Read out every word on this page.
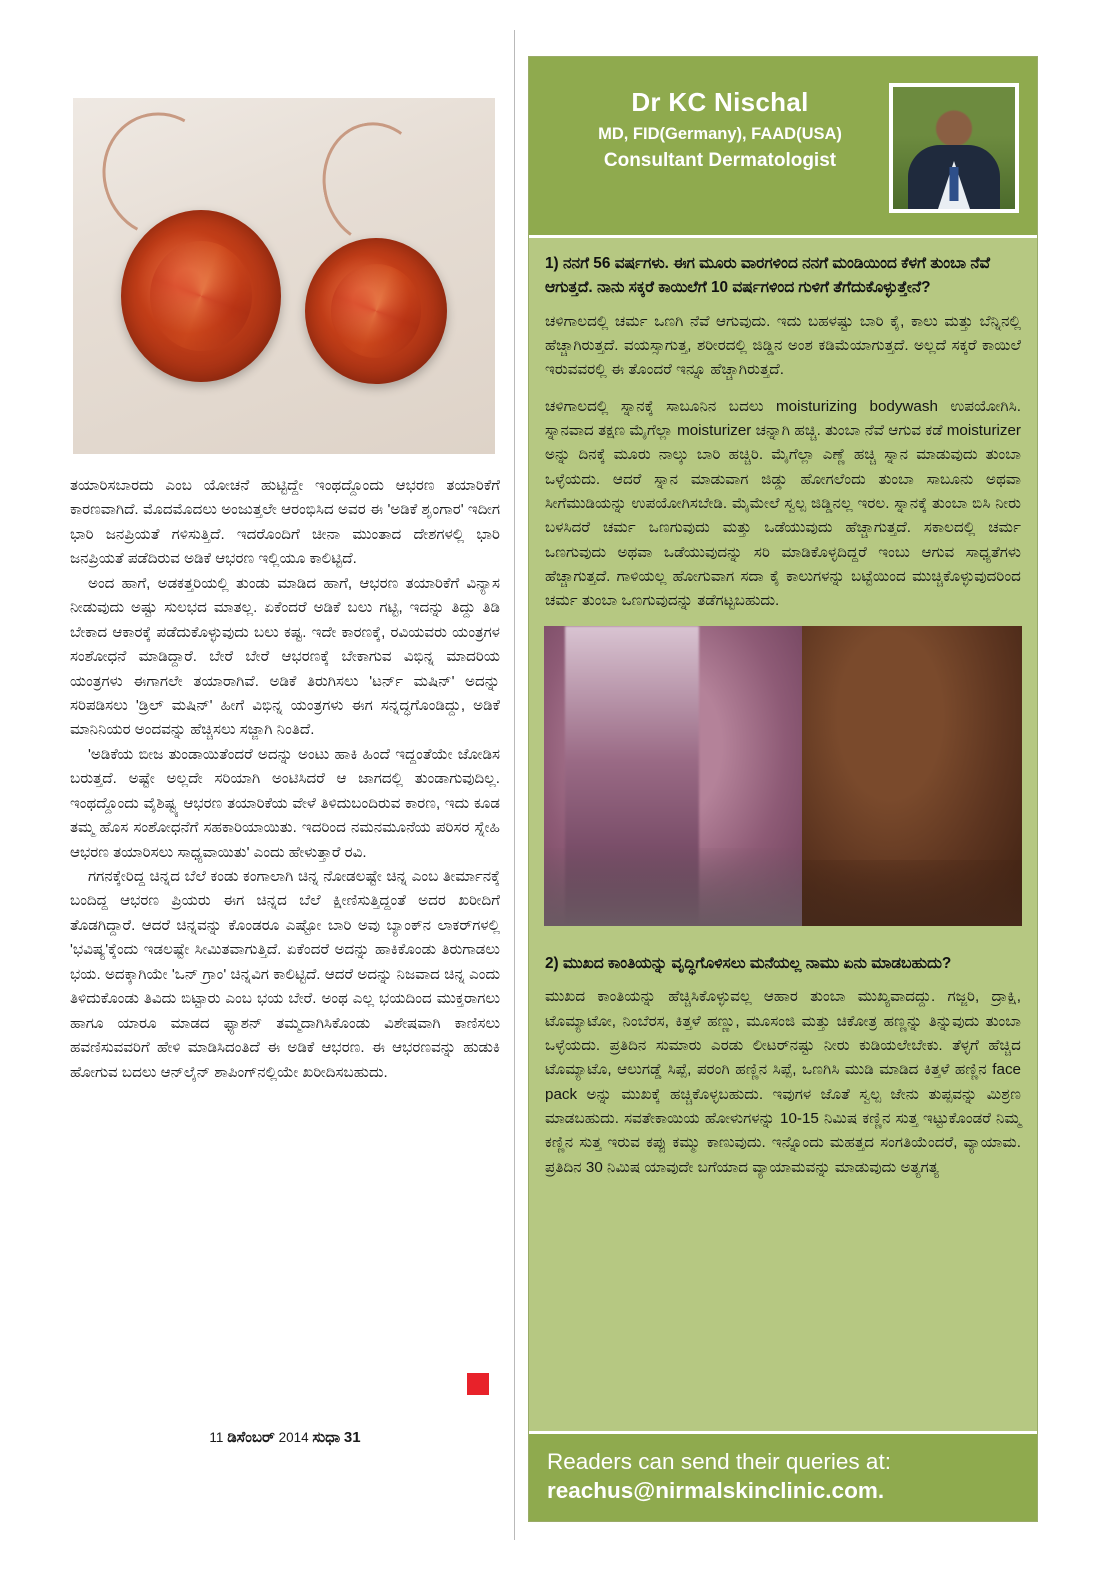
ತಯಾರಿಸಬಾರದು ಎಂಬ ಯೋಚನೆ ಹುಟ್ಟಿದ್ದೇ ಇಂಥದ್ದೊಂದು ಆಭರಣ ತಯಾರಿಕೆಗೆ ಕಾರಣವಾಗಿದೆ. ಮೊದಮೊದಲು ಅಂಜುತ್ತಲೇ ಆರಂಭಿಸಿದ ಅವರ ಈ 'ಅಡಿಕೆ ಶೃಂಗಾರ' ಇದೀಗ ಭಾರಿ ಜನಪ್ರಿಯತೆ ಗಳಿಸುತ್ತಿದೆ. ಇದರೊಂದಿಗೆ ಚೀನಾ ಮುಂತಾದ ದೇಶಗಳಲ್ಲಿ ಭಾರಿ ಜನಪ್ರಿಯತೆ ಪಡೆದಿರುವ ಅಡಿಕೆ ಆಭರಣ ಇಲ್ಲಿಯೂ ಕಾಲಿಟ್ಟಿದೆ.

ಅಂದ ಹಾಗೆ, ಅಡಕತ್ತರಿಯಲ್ಲಿ ತುಂಡು ಮಾಡಿದ ಹಾಗೆ, ಆಭರಣ ತಯಾರಿಕೆಗೆ ವಿನ್ಯಾಸ ನೀಡುವುದು ಅಷ್ಟು ಸುಲಭದ ಮಾತಲ್ಲ. ಏಕೆಂದರೆ ಅಡಿಕೆ ಬಲು ಗಟ್ಟಿ, ಇದನ್ನು ತಿದ್ದು ತಿಡಿ ಬೇಕಾದ ಆಕಾರಕ್ಕೆ ಪಡೆದುಕೊಳ್ಳುವುದು ಬಲು ಕಷ್ಟ. ಇದೇ ಕಾರಣಕ್ಕೆ, ರವಿಯವರು ಯಂತ್ರಗಳ ಸಂಶೋಧನೆ ಮಾಡಿದ್ದಾರೆ. ಬೇರೆ ಬೇರೆ ಆಭರಣಕ್ಕೆ ಬೇಕಾಗುವ ವಿಭಿನ್ನ ಮಾದರಿಯ ಯಂತ್ರಗಳು ಈಗಾಗಲೇ ತಯಾರಾಗಿವೆ. ಅಡಿಕೆ ತಿರುಗಿಸಲು 'ಟರ್ನ್ ಮಷಿನ್' ಅದನ್ನು ಸರಿಪಡಿಸಲು 'ಡ್ರಿಲ್ ಮಷಿನ್' ಹೀಗೆ ವಿಭಿನ್ನ ಯಂತ್ರಗಳು ಈಗ ಸನ್ನದ್ಧಗೊಂಡಿದ್ದು, ಅಡಿಕೆ ಮಾನಿನಿಯರ ಅಂದವನ್ನು ಹೆಚ್ಚಿಸಲು ಸಜ್ಜಾಗಿ ನಿಂತಿದೆ.

'ಅಡಿಕೆಯ ಬೀಜ ತುಂಡಾಯಿತೆಂದರೆ ಅದನ್ನು ಅಂಟು ಹಾಕಿ ಹಿಂದೆ ಇದ್ದಂತೆಯೇ ಜೋಡಿಸ ಬರುತ್ತದೆ. ಅಷ್ಟೇ ಅಲ್ಲದೇ ಸರಿಯಾಗಿ ಅಂಟಿಸಿದರೆ ಆ ಜಾಗದಲ್ಲಿ ತುಂಡಾಗುವುದಿಲ್ಲ. ಇಂಥದ್ದೊಂದು ವೈಶಿಷ್ಟ್ಯ ಆಭರಣ ತಯಾರಿಕೆಯ ವೇಳೆ ತಿಳಿದುಬಂದಿರುವ ಕಾರಣ, ಇದು ಕೂಡ ತಮ್ಮ ಹೊಸ ಸಂಶೋಧನೆಗೆ ಸಹಕಾರಿಯಾಯಿತು. ಇದರಿಂದ ನಮನಮೂನೆಯ ಪರಿಸರ ಸ್ನೇಹಿ ಆಭರಣ ತಯಾರಿಸಲು ಸಾಧ್ಯವಾಯಿತು' ಎಂದು ಹೇಳುತ್ತಾರೆ ರವಿ.

ಗಗನಕ್ಕೇರಿದ್ದ ಚಿನ್ನದ ಬೆಲೆ ಕಂಡು ಕಂಗಾಲಾಗಿ ಚಿನ್ನ ನೋಡಲಷ್ಟೇ ಚಿನ್ನ ಎಂಬ ತೀರ್ಮಾನಕ್ಕೆ ಬಂದಿದ್ದ ಆಭರಣ ಪ್ರಿಯರು ಈಗ ಚಿನ್ನದ ಬೆಲೆ ಕ್ಷೀಣಿಸುತ್ತಿದ್ದಂತೆ ಅದರ ಖರೀದಿಗೆ ತೊಡಗಿದ್ದಾರೆ. ಆದರೆ ಚಿನ್ನವನ್ನು ಕೊಂಡರೂ ಎಷ್ಟೋ ಬಾರಿ ಅವು ಬ್ಯಾಂಕ್‌ನ ಲಾಕರ್‌ಗಳಲ್ಲಿ 'ಭವಿಷ್ಯ'ಕ್ಕೆಂದು ಇಡಲಷ್ಟೇ ಸೀಮಿತವಾಗುತ್ತಿದೆ. ಏಕೆಂದರೆ ಅದನ್ನು ಹಾಕಿಕೊಂಡು ತಿರುಗಾಡಲು ಭಯ. ಅದಕ್ಕಾಗಿಯೇ 'ಒನ್ ಗ್ರಾಂ' ಚಿನ್ನವಿಗ ಕಾಲಿಟ್ಟಿದೆ. ಆದರೆ ಅದನ್ನು ನಿಜವಾದ ಚಿನ್ನ ಎಂದು ತಿಳಿದುಕೊಂಡು ತಿವಿದು ಬಿಟ್ಟಾರು ಎಂಬ ಭಯ ಬೇರೆ. ಅಂಥ ಎಲ್ಲ ಭಯದಿಂದ ಮುಕ್ತರಾಗಲು ಹಾಗೂ ಯಾರೂ ಮಾಡದ ಫ್ಯಾಶನ್ ತಮ್ಮದಾಗಿಸಿಕೊಂಡು ವಿಶೇಷವಾಗಿ ಕಾಣಿಸಲು ಹವಣಿಸುವವರಿಗೆ ಹೇಳಿ ಮಾಡಿಸಿದಂತಿದೆ ಈ ಅಡಿಕೆ ಆಭರಣ. ಈ ಆಭರಣವನ್ನು ಹುಡುಕಿ ಹೋಗುವ ಬದಲು ಆನ್‌ಲೈನ್ ಶಾಪಿಂಗ್‌ನಲ್ಲಿಯೇ ಖರೀದಿಸಬಹುದು.

11 ಡಿಸೆಂಬರ್ 2014 ಸುಧಾ 31
Dr KC Nischal
MD, FID(Germany), FAAD(USA)
Consultant Dermatologist

1) ನನಗೆ 56 ವರ್ಷಗಳು. ಈಗ ಮೂರು ವಾರಗಳಿಂದ ನನಗೆ ಮಂಡಿಯಿಂದ ಕೆಳಗೆ ತುಂಬಾ ನೆವೆ ಆಗುತ್ತದೆ. ನಾನು ಸಕ್ಕರೆ ಕಾಯಿಲೆಗೆ 10 ವರ್ಷಗಳಿಂದ ಗುಳಿಗೆ ತೆಗೆದುಕೊಳ್ಳುತ್ತೇನೆ?

ಚಳಿಗಾಲದಲ್ಲಿ ಚರ್ಮ ಒಣಗಿ ನೆವೆ ಆಗುವುದು. ಇದು ಬಹಳಷ್ಟು ಬಾರಿ ಕೈ, ಕಾಲು ಮತ್ತು ಬೆನ್ನಿನಲ್ಲಿ ಹೆಚ್ಚಾಗಿರುತ್ತದೆ. ವಯಸ್ಸಾಗುತ್ತ, ಶರೀರದಲ್ಲಿ ಜಿಡ್ಡಿನ ಅಂಶ ಕಡಿಮೆಯಾಗುತ್ತದೆ. ಅಲ್ಲದೆ ಸಕ್ಕರೆ ಕಾಯಿಲೆ ಇರುವವರಲ್ಲಿ ಈ ತೊಂದರೆ ಇನ್ನೂ ಹೆಚ್ಚಾಗಿರುತ್ತದೆ.

ಚಳಿಗಾಲದಲ್ಲಿ ಸ್ನಾನಕ್ಕೆ ಸಾಬೂನಿನ ಬದಲು moisturizing bodywash ಉಪಯೋಗಿಸಿ. ಸ್ನಾನವಾದ ತಕ್ಷಣ ಮೈಗೆಲ್ಲಾ moisturizer ಚನ್ನಾಗಿ ಹಚ್ಚಿ. ತುಂಬಾ ನೆವೆ ಆಗುವ ಕಡೆ moisturizer ಅನ್ನು ದಿನಕ್ಕೆ ಮೂರು ನಾಲ್ಕು ಬಾರಿ ಹಚ್ಚಿರಿ. ಮೈಗೆಲ್ಲಾ ಎಣ್ಣೆ ಹಚ್ಚಿ ಸ್ನಾನ ಮಾಡುವುದು ತುಂಬಾ ಒಳ್ಳೆಯದು. ಆದರೆ ಸ್ನಾನ ಮಾಡುವಾಗ ಜಿಡ್ಡು ಹೋಗಲೆಂದು ತುಂಬಾ ಸಾಬೂನು ಅಥವಾ ಸೀಗೆಮುಡಿಯನ್ನು ಉಪಯೋಗಿಸಬೇಡಿ. ಮೈಮೇಲೆ ಸ್ವಲ್ಪ ಜಿಡ್ಡಿನಲ್ಲ ಇರಲ. ಸ್ನಾನಕ್ಕೆ ತುಂಬಾ ಬಿಸಿ ನೀರು ಬಳಸಿದರೆ ಚರ್ಮ ಒಣಗುವುದು ಮತ್ತು ಒಡೆಯುವುದು ಹೆಚ್ಚಾಗುತ್ತದೆ. ಸಕಾಲದಲ್ಲಿ ಚರ್ಮ ಒಣಗುವುದು ಅಥವಾ ಒಡೆಯುವುದನ್ನು ಸರಿ ಮಾಡಿಕೊಳ್ಳದಿದ್ದರೆ ಇಂಬು ಆಗುವ ಸಾಧ್ಯತೆಗಳು ಹೆಚ್ಚಾಗುತ್ತದೆ. ಗಾಳಿಯಲ್ಲ ಹೋಗುವಾಗ ಸದಾ ಕೈ ಕಾಲುಗಳನ್ನು ಬಟ್ಟೆಯಿಂದ ಮುಚ್ಚಿಕೊಳ್ಳುವುದರಿಂದ ಚರ್ಮ ತುಂಬಾ ಒಣಗುವುದನ್ನು ತಡೆಗಟ್ಟಬಹುದು.

2) ಮುಖದ ಕಾಂತಿಯನ್ನು ವೃದ್ಧಿಗೊಳಿಸಲು ಮನೆಯಲ್ಲ ನಾಮು ಏನು ಮಾಡಬಹುದು?

ಮುಖದ ಕಾಂತಿಯನ್ನು ಹೆಚ್ಚಿಸಿಕೊಳ್ಳುವಲ್ಲ ಆಹಾರ ತುಂಬಾ ಮುಖ್ಯವಾದದ್ದು. ಗಜ್ಜರಿ, ದ್ರಾಕ್ಷಿ, ಟೊಮ್ಯಾಟೋ, ನಿಂಬೆರಸ, ಕಿತ್ತಳೆ ಹಣ್ಣು, ಮೂಸಂಜಿ ಮತ್ತು ಚಿಕೋತ್ರ ಹಣ್ಣನ್ನು ತಿನ್ನುವುದು ತುಂಬಾ ಒಳ್ಳೆಯದು. ಪ್ರತಿದಿನ ಸುಮಾರು ಎರಡು ಲೀಟರ್‌ನಷ್ಟು ನೀರು ಕುಡಿಯಲೇಬೇಕು. ತೆಳ್ಳಗೆ ಹೆಚ್ಚಿದ ಟೊಮ್ಯಾಟೊ, ಆಲುಗಡ್ಡೆ ಸಿಪ್ಪೆ, ಪರಂಗಿ ಹಣ್ಣಿನ ಸಿಪ್ಪೆ, ಒಣಗಿಸಿ ಮುಡಿ ಮಾಡಿದ ಕಿತ್ತಳೆ ಹಣ್ಣಿನ face pack ಅನ್ನು ಮುಖಕ್ಕೆ ಹಚ್ಚಿಕೊಳ್ಳಬಹುದು. ಇವುಗಳ ಜೊತೆ ಸ್ವಲ್ಪ ಜೇನು ತುಪ್ಪವನ್ನು ಮಿಶ್ರಣ ಮಾಡಬಹುದು. ಸವತೇಕಾಯಿಯ ಹೋಳುಗಳನ್ನು 10-15 ನಿಮಿಷ ಕಣ್ಣಿನ ಸುತ್ತ ಇಟ್ಟುಕೊಂಡರೆ ನಿಮ್ಮ ಕಣ್ಣಿನ ಸುತ್ತ ಇರುವ ಕಪ್ಪು ಕಮ್ಮು ಕಾಣುವುದು. ಇನ್ನೊಂದು ಮಹತ್ತದ ಸಂಗತಿಯೆಂದರೆ, ವ್ಯಾಯಾಮ. ಪ್ರತಿದಿನ 30 ನಿಮಿಷ ಯಾವುದೇ ಬಗೆಯಾದ ವ್ಯಾಯಾಮವನ್ನು ಮಾಡುವುದು ಅತ್ಯಗತ್ಯ

Readers can send their queries at:
reachus@nirmalskinclinic.com.
